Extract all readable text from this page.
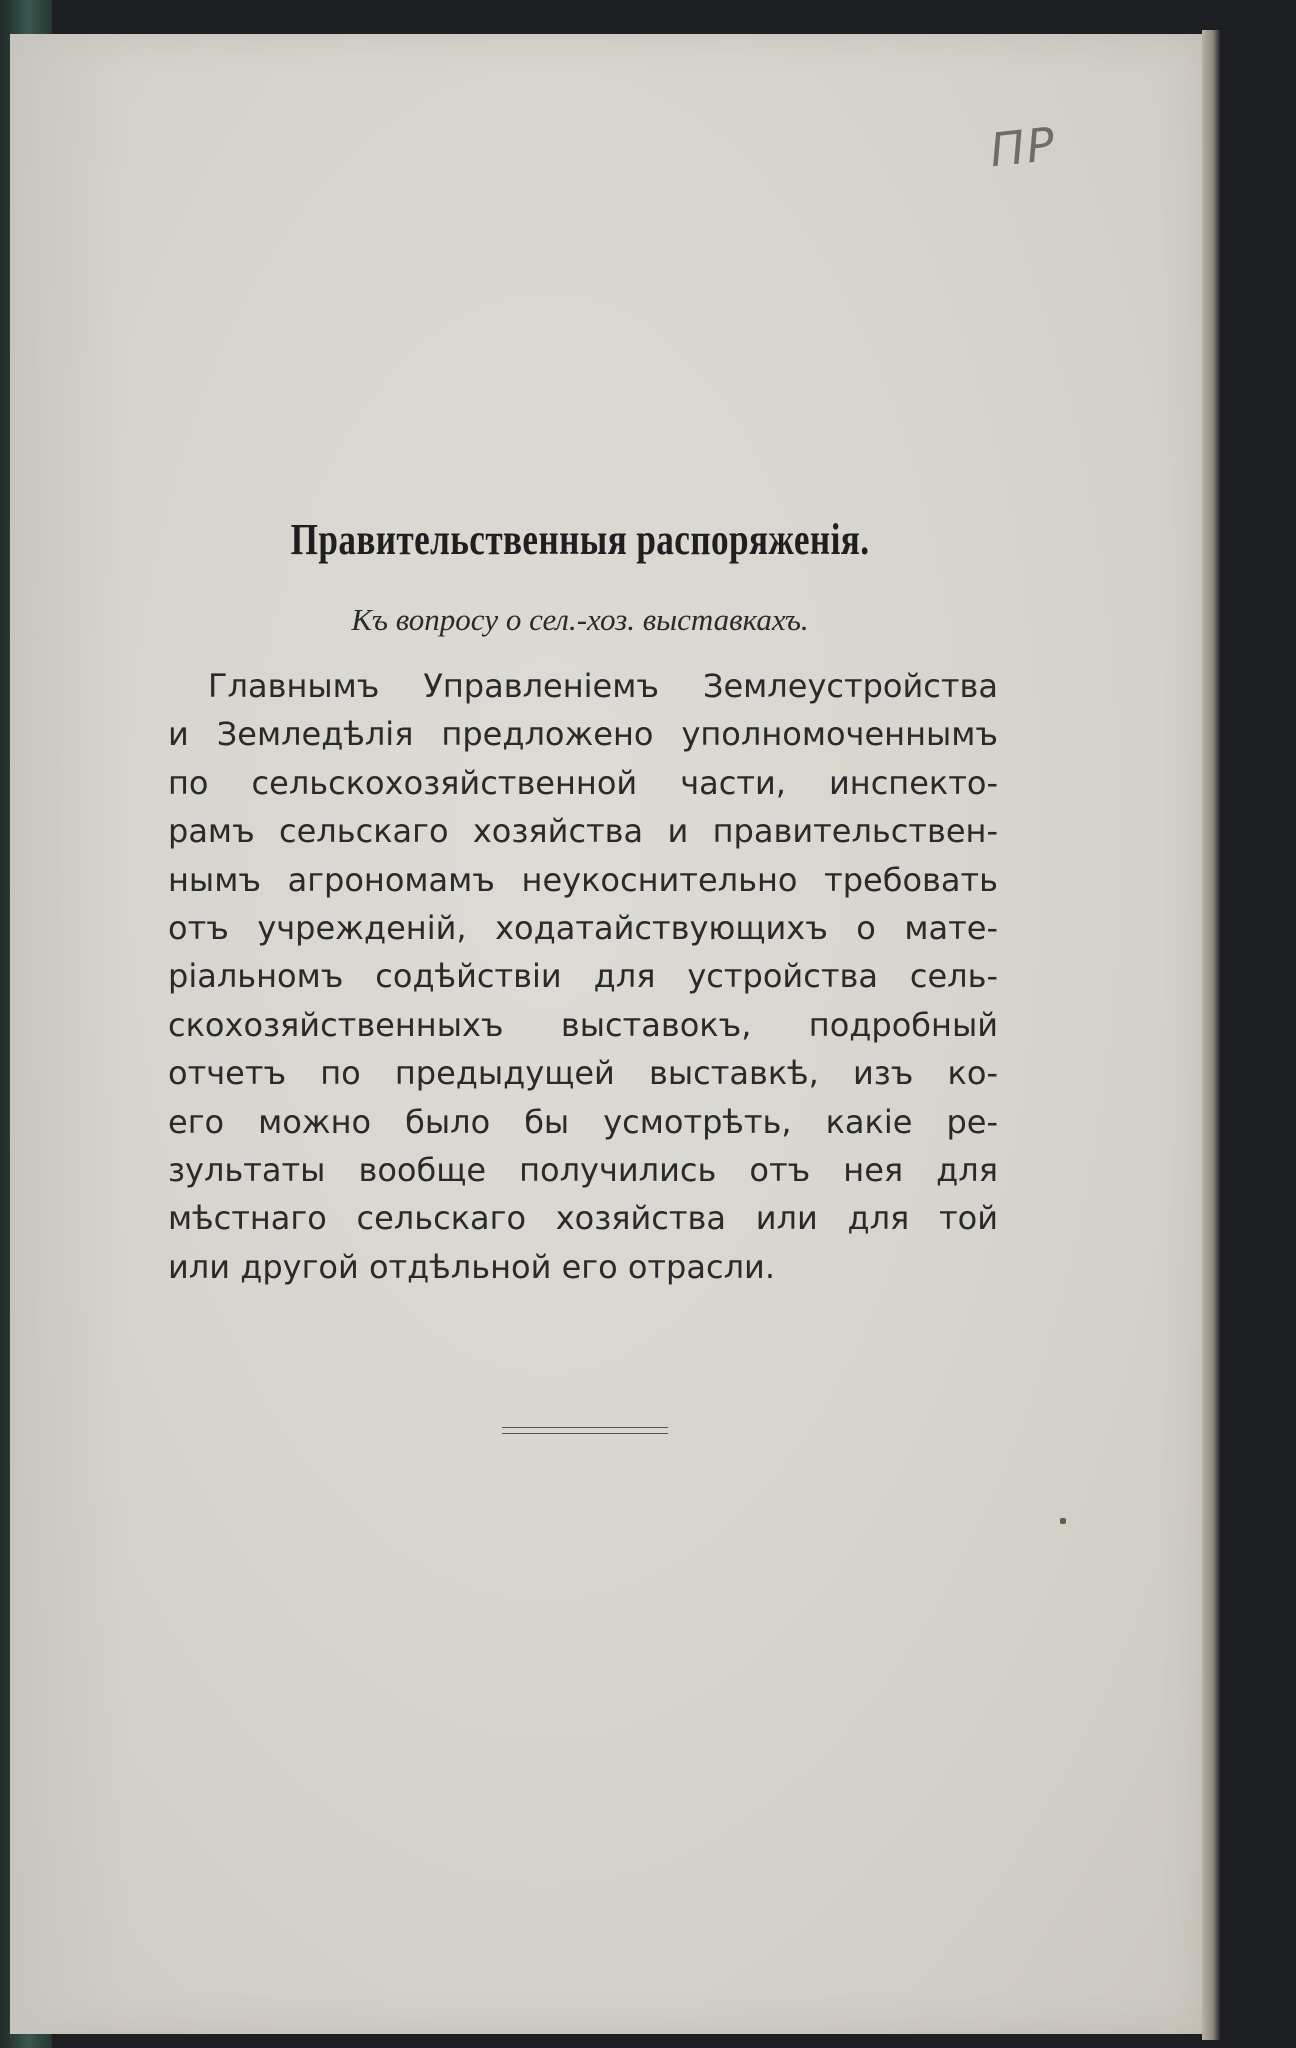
ПР
Правительственныя распоряженія.
Къ вопросу о сел.-хоз. выставкахъ.
Главнымъ Управленіемъ Землеустройства
и Земледѣлія предложено уполномоченнымъ
по сельскохозяйственной части, инспекто-
рамъ сельскаго хозяйства и правительствен-
нымъ агрономамъ неукоснительно требовать
отъ учрежденій, ходатайствующихъ о мате-
ріальномъ содѣйствіи для устройства сель-
скохозяйственныхъ выставокъ, подробный
отчетъ по предыдущей выставкѣ, изъ ко-
его можно было бы усмотрѣть, какіе ре-
зультаты вообще получились отъ нея для
мѣстнаго сельскаго хозяйства или для той
или другой отдѣльной его отрасли.
